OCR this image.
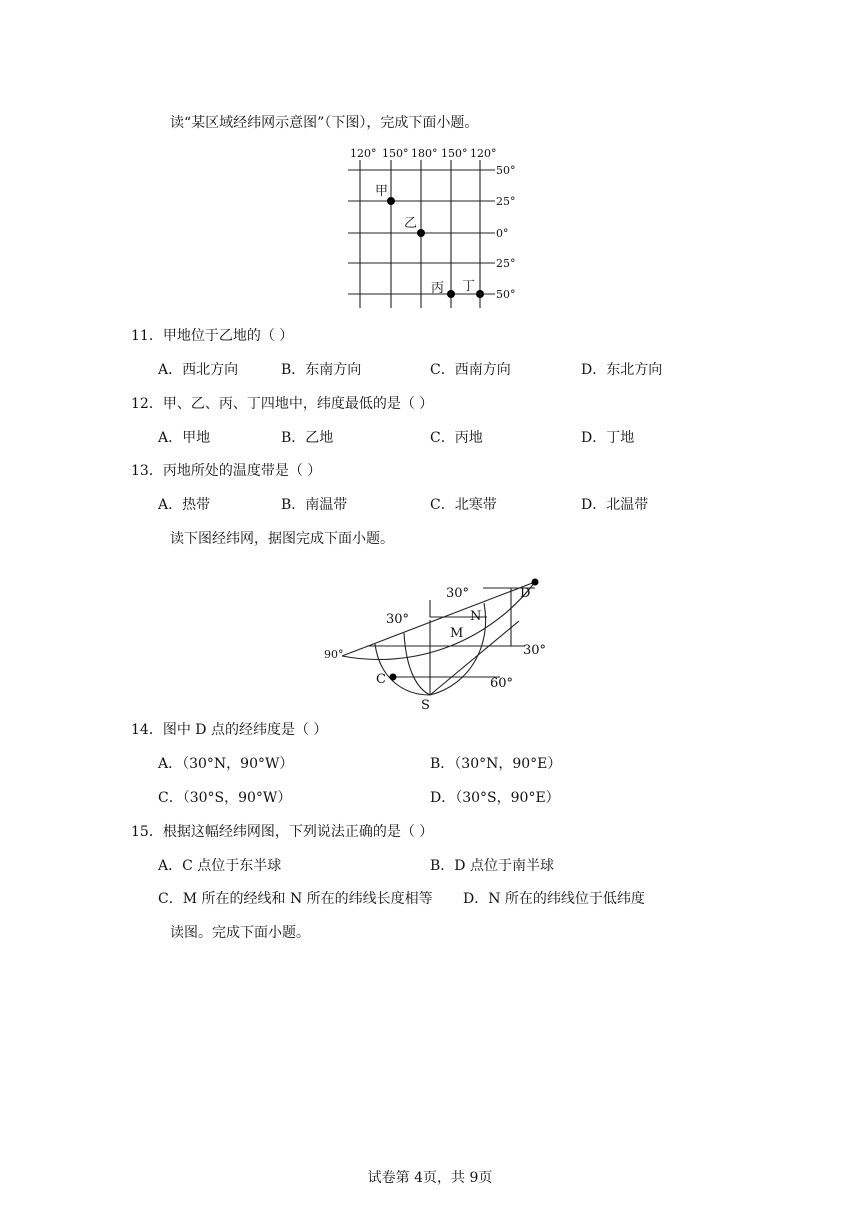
读“某区域经纬网示意图”（下图），完成下面小题。
120° 150° 180° 150° 120°
50°
25°
0°
25°
50°
甲
乙
丙 丁
11．甲地位于乙地的（ ）
A．西北方向	B．东南方向	C．西南方向	D．东北方向
12．甲、乙、丙、丁四地中，纬度最低的是（ ）
A．甲地	B．乙地	C．丙地	D．丁地
13．丙地所处的温度带是（ ）
A．热带	B．南温带	C．北寒带	D．北温带
读下图经纬网，据图完成下面小题。
30°
30°
90°	30°
60°
N
M
D
C
S
14．图中 D 点的经纬度是（ ）
A．（30°N，90°W）	B．（30°N，90°E）
C．（30°S，90°W）	D．（30°S，90°E）
15．根据这幅经纬网图，下列说法正确的是（ ）
A．C 点位于东半球	B．D 点位于南半球
C．M 所在的经线和 N 所在的纬线长度相等 D．N 所在的纬线位于低纬度
读图。完成下面小题。
试卷第 4页，共 9页
